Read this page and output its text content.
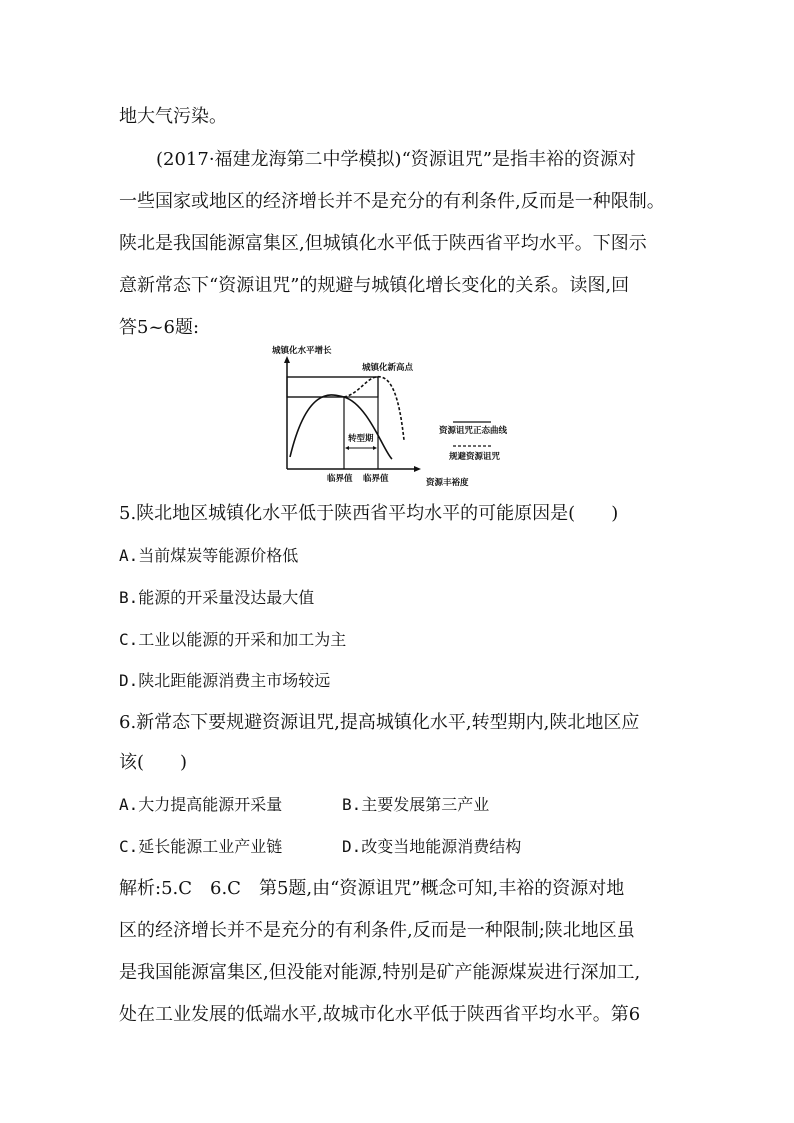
地大气污染。
(2017·福建龙海第二中学模拟)“资源诅咒”是指丰裕的资源对
一些国家或地区的经济增长并不是充分的有利条件,反而是一种限制。
陕北是我国能源富集区,但城镇化水平低于陕西省平均水平。下图示
意新常态下“资源诅咒”的规避与城镇化增长变化的关系。读图,回
答5~6题:
资源诅咒正态曲线
规避资源诅咒
城镇化水平增长
城镇化新高点
转型期
临界值 临界值	资源丰裕度
5.陕北地区城镇化水平低于陕西省平均水平的可能原因是(　　)
A.当前煤炭等能源价格低
B.能源的开采量没达最大值
C.工业以能源的开采和加工为主
D.陕北距能源消费主市场较远
6.新常态下要规避资源诅咒,提高城镇化水平,转型期内,陕北地区应
该(　　)
A.大力提高能源开采量	B.主要发展第三产业
C.延长能源工业产业链	D.改变当地能源消费结构
解析:5.C　6.C　第5题,由“资源诅咒”概念可知,丰裕的资源对地
区的经济增长并不是充分的有利条件,反而是一种限制;陕北地区虽
是我国能源富集区,但没能对能源,特别是矿产能源煤炭进行深加工,
处在工业发展的低端水平,故城市化水平低于陕西省平均水平。第6
